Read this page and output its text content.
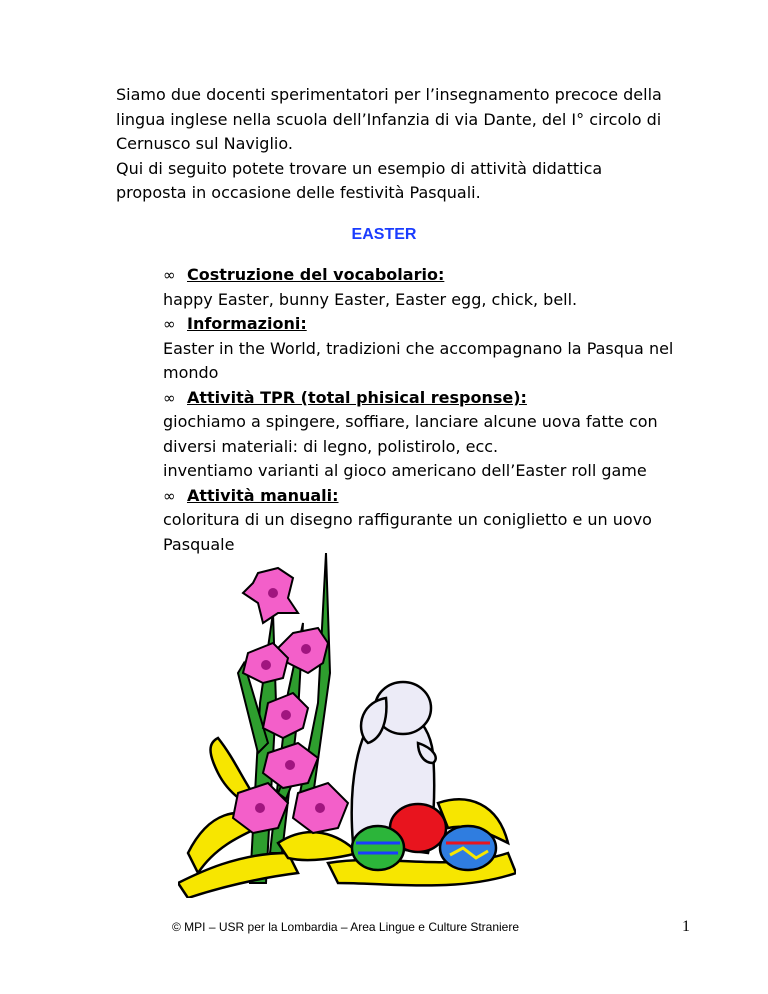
Siamo due docenti sperimentatori per l’insegnamento precoce della

lingua inglese nella scuola dell’Infanzia di via Dante, del I° circolo di

Cernusco sul Naviglio.

Qui di seguito potete trovare un esempio di attività didattica

proposta in occasione delle festività Pasquali.

EASTER

∞ Costruzione del vocabolario:

happy Easter, bunny Easter, Easter egg, chick, bell.

∞ Informazioni:

Easter in the World, tradizioni che accompagnano la Pasqua nel

mondo

∞ Attività TPR (total phisical response):

giochiamo a spingere, soffiare, lanciare alcune uova fatte con

diversi materiali: di legno, polistirolo, ecc.

inventiamo varianti al gioco americano dell’Easter roll game

∞ Attività manuali:

coloritura di un disegno raffigurante un coniglietto e un uovo

Pasquale

© MPI – USR per la Lombardia – Area Lingue e Culture Straniere	1
